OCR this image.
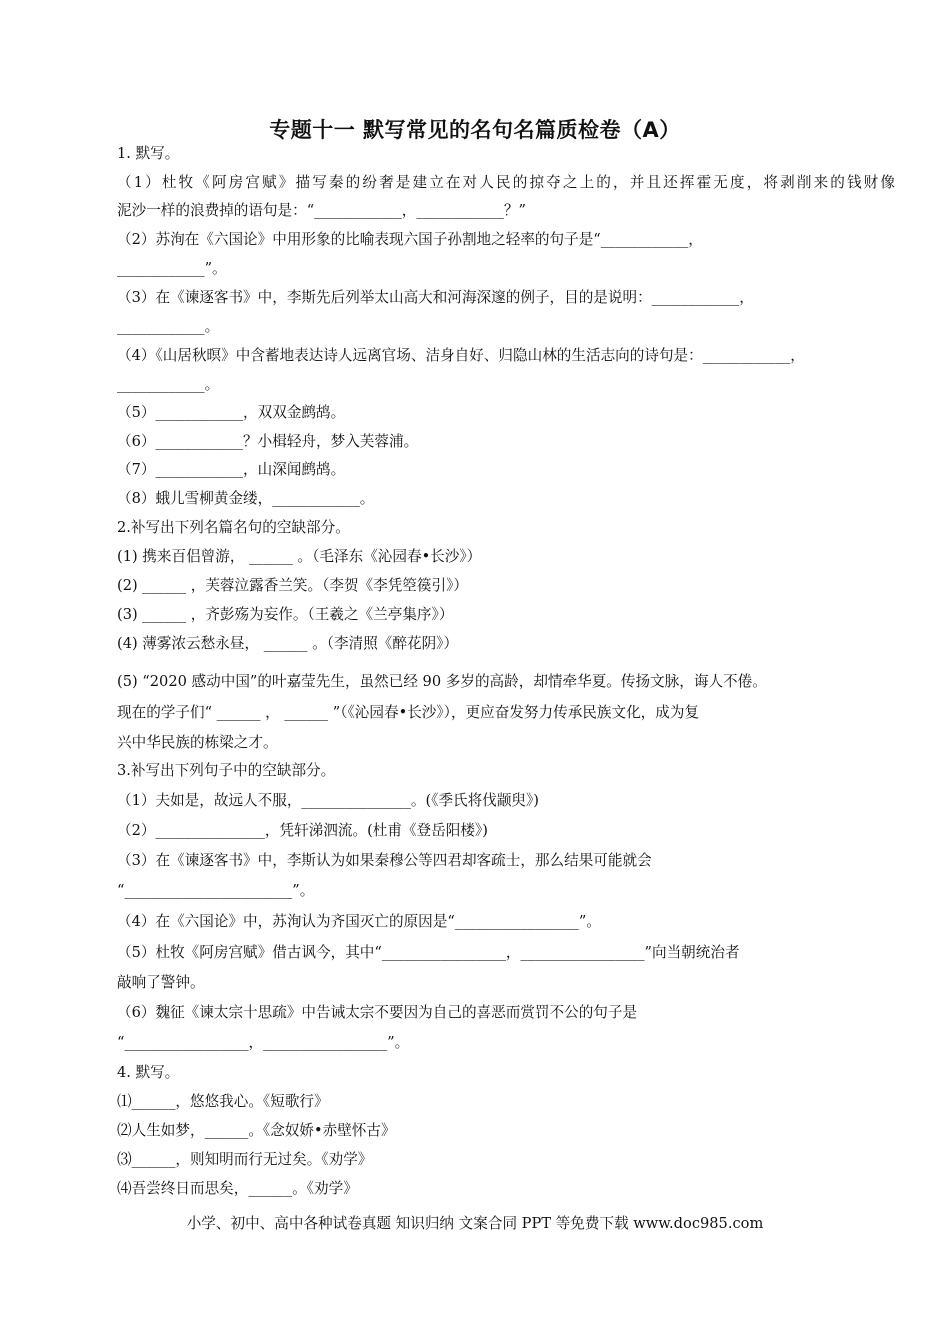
专题十一 默写常见的名句名篇质检卷（A）
1. 默写。
（1）杜牧《阿房宫赋》描写秦的纷奢是建立在对人民的掠夺之上的，并且还挥霍无度，将剥削来的钱财像
泥沙一样的浪费掉的语句是：“____________，____________？”
（2）苏洵在《六国论》中用形象的比喻表现六国子孙割地之轻率的句子是“____________，
____________”。
（3）在《谏逐客书》中，李斯先后列举太山高大和河海深邃的例子，目的是说明：____________，
____________。
（4）《山居秋暝》中含蓄地表达诗人远离官场、洁身自好、归隐山林的生活志向的诗句是：____________，
____________。
（5）____________，双双金鹧鸪。
（6）____________？小楫轻舟，梦入芙蓉浦。
（7）____________，山深闻鹧鸪。
（8）蛾儿雪柳黄金缕，____________。
2.补写出下列名篇名句的空缺部分。
(1) 携来百侣曾游， ______ 。（毛泽东《沁园春•长沙》）
(2) ______ ，芙蓉泣露香兰笑。（李贺《李凭箜篌引》）
(3) ______ ，齐彭殇为妄作。（王羲之《兰亭集序》）
(4) 薄雾浓云愁永昼， ______ 。（李清照《醉花阴》）
(5) “2020 感动中国”的叶嘉莹先生，虽然已经 90 多岁的高龄，却情牵华夏。传扬文脉，诲人不倦。
现在的学子们“ ______ ， ______ ”（《沁园春•长沙》），更应奋发努力传承民族文化，成为复
兴中华民族的栋梁之才。
3.补写出下列句子中的空缺部分。
（1）夫如是，故远人不服，_______________。(《季氏将伐颛臾》)
（2）_______________，凭轩涕泗流。(杜甫《登岳阳楼》)
（3）在《谏逐客书》中，李斯认为如果秦穆公等四君却客疏士，那么结果可能就会
“_______________________”。
（4）在《六国论》中，苏洵认为齐国灭亡的原因是“_________________”。
（5）杜牧《阿房宫赋》借古讽今，其中“_________________，_________________”向当朝统治者
敲响了警钟。
（6）魏征《谏太宗十思疏》中告诫太宗不要因为自己的喜恶而赏罚不公的句子是
“_________________，_________________”。
4. 默写。
⑴______，悠悠我心。《短歌行》
⑵人生如梦，______。《念奴娇•赤壁怀古》
⑶______，则知明而行无过矣。《劝学》
⑷吾尝终日而思矣，______。《劝学》
小学、初中、高中各种试卷真题 知识归纳 文案合同 PPT 等免费下载 www.doc985.com
